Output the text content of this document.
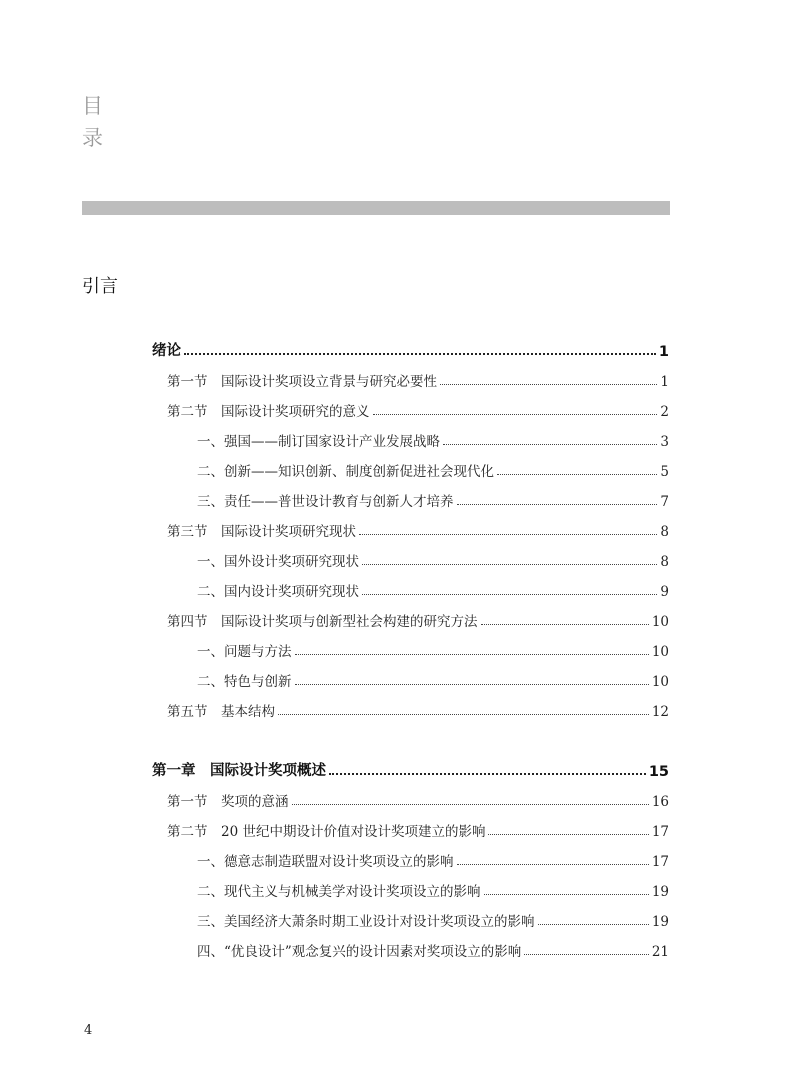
目
录
引言
绪论	1
第一节　国际设计奖项设立背景与研究必要性	1
第二节　国际设计奖项研究的意义	2
一、强国——制订国家设计产业发展战略	3
二、创新——知识创新、制度创新促进社会现代化	5
三、责任——普世设计教育与创新人才培养	7
第三节　国际设计奖项研究现状	8
一、国外设计奖项研究现状	8
二、国内设计奖项研究现状	9
第四节　国际设计奖项与创新型社会构建的研究方法	10
一、问题与方法	10
二、特色与创新	10
第五节　基本结构	12
第一章　国际设计奖项概述	15
第一节　奖项的意涵	16
第二节　20 世纪中期设计价值对设计奖项建立的影响	17
一、德意志制造联盟对设计奖项设立的影响	17
二、现代主义与机械美学对设计奖项设立的影响	19
三、美国经济大萧条时期工业设计对设计奖项设立的影响	19
四、“优良设计”观念复兴的设计因素对奖项设立的影响	21
4
